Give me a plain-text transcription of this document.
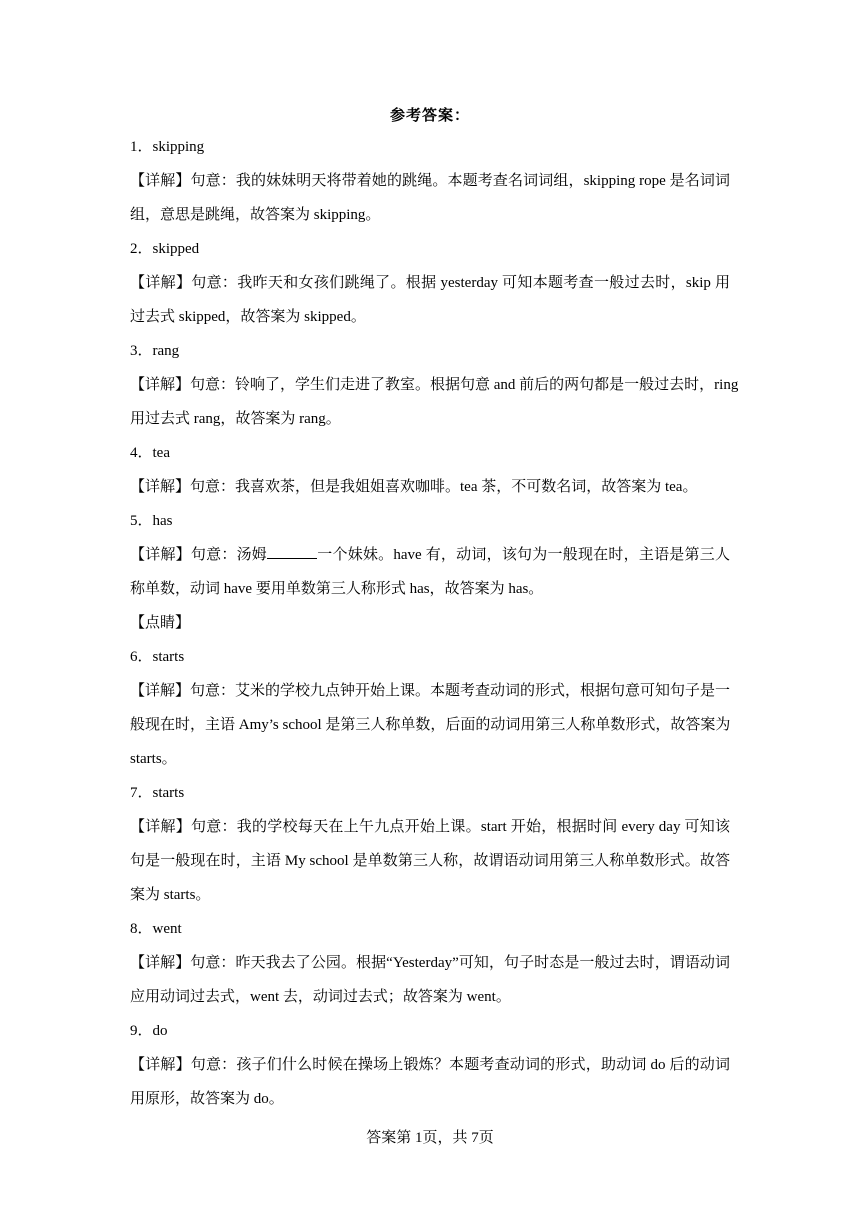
参考答案：
1．skipping
【详解】句意：我的妹妹明天将带着她的跳绳。本题考查名词词组，skipping rope 是名词词
组，意思是跳绳，故答案为 skipping。
2．skipped
【详解】句意：我昨天和女孩们跳绳了。根据 yesterday 可知本题考查一般过去时，skip 用
过去式 skipped，故答案为 skipped。
3．rang
【详解】句意：铃响了，学生们走进了教室。根据句意 and 前后的两句都是一般过去时，ring
用过去式 rang，故答案为 rang。
4．tea
【详解】句意：我喜欢茶，但是我姐姐喜欢咖啡。tea 茶，不可数名词，故答案为 tea。
5．has
【详解】句意：汤姆	一个妹妹。have 有，动词，该句为一般现在时，主语是第三人
称单数，动词 have 要用单数第三人称形式 has，故答案为 has。
【点睛】
6．starts
【详解】句意：艾米的学校九点钟开始上课。本题考查动词的形式，根据句意可知句子是一
般现在时，主语 Amy’s school 是第三人称单数，后面的动词用第三人称单数形式，故答案为
starts。
7．starts
【详解】句意：我的学校每天在上午九点开始上课。start 开始，根据时间 every day 可知该
句是一般现在时，主语 My school 是单数第三人称，故谓语动词用第三人称单数形式。故答
案为 starts。
8．went
【详解】句意：昨天我去了公园。根据“Yesterday”可知，句子时态是一般过去时，谓语动词
应用动词过去式，went 去，动词过去式；故答案为 went。
9．do
【详解】句意：孩子们什么时候在操场上锻炼？本题考查动词的形式，助动词 do 后的动词
用原形，故答案为 do。
答案第 1页，共 7页
